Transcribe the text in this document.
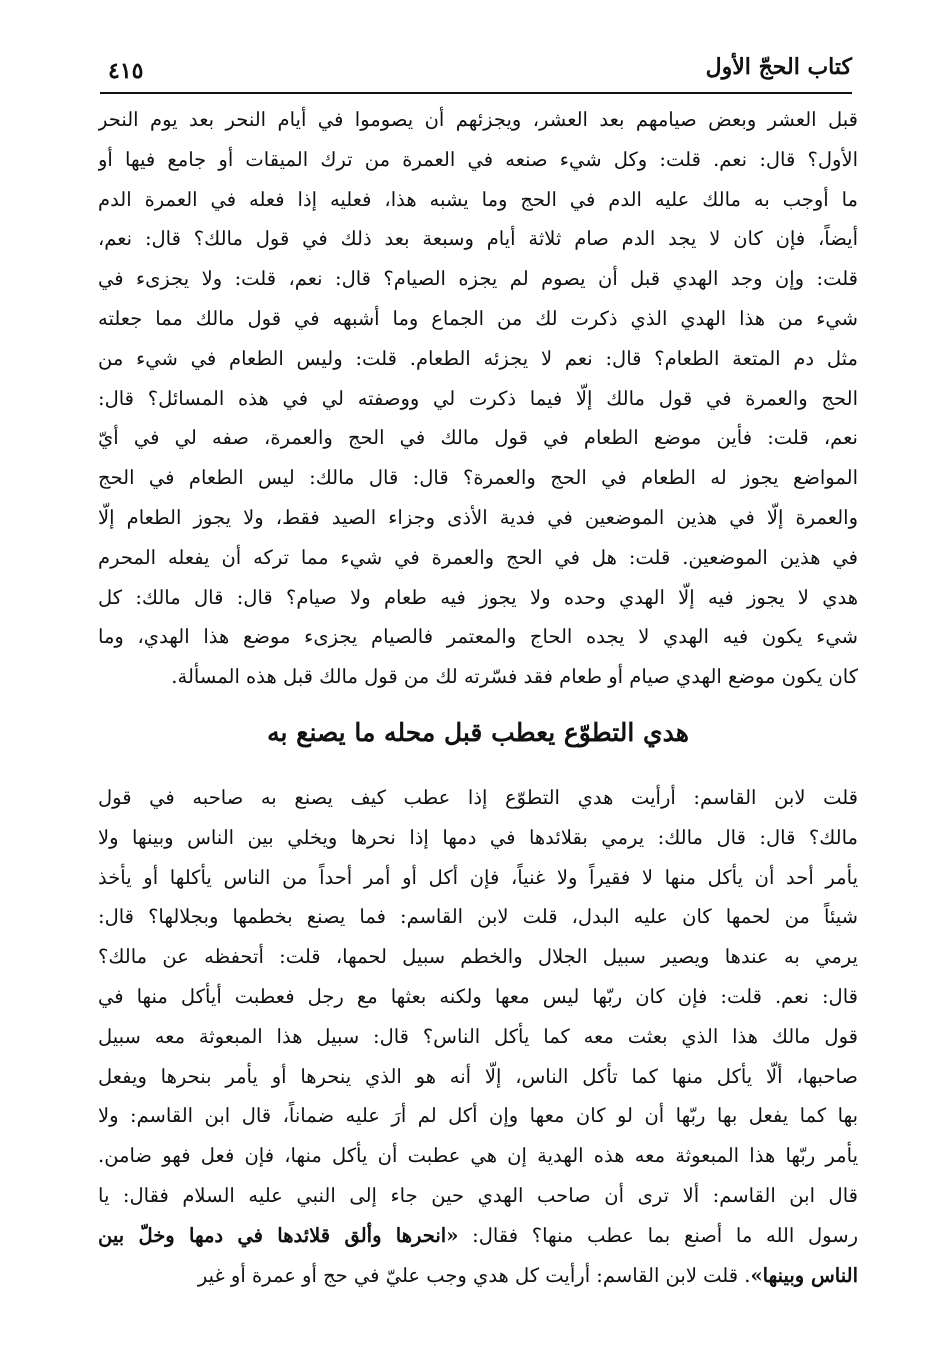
كتاب الحجّ الأول
٤١٥
قبل العشر وبعض صيامهم بعد العشر، ويجزئهم أن يصوموا في أيام النحر بعد يوم النحر
الأول؟ قال: نعم. قلت: وكل شيء صنعه في العمرة من ترك الميقات أو جامع فيها أو
ما أوجب به مالك عليه الدم في الحج وما يشبه هذا، فعليه إذا فعله في العمرة الدم
أيضاً، فإن كان لا يجد الدم صام ثلاثة أيام وسبعة بعد ذلك في قول مالك؟ قال: نعم،
قلت: وإن وجد الهدي قبل أن يصوم لم يجزه الصيام؟ قال: نعم، قلت: ولا يجزىء في
شيء من هذا الهدي الذي ذكرت لك من الجماع وما أشبهه في قول مالك مما جعلته
مثل دم المتعة الطعام؟ قال: نعم لا يجزئه الطعام. قلت: وليس الطعام في شيء من
الحج والعمرة في قول مالك إلّا فيما ذكرت لي ووصفته لي في هذه المسائل؟ قال:
نعم، قلت: فأين موضع الطعام في قول مالك في الحج والعمرة، صفه لي في أيّ
المواضع يجوز له الطعام في الحج والعمرة؟ قال: قال مالك: ليس الطعام في الحج
والعمرة إلّا في هذين الموضعين في فدية الأذى وجزاء الصيد فقط، ولا يجوز الطعام إلّا
في هذين الموضعين. قلت: هل في الحج والعمرة في شيء مما تركه أن يفعله المحرم
هدي لا يجوز فيه إلّا الهدي وحده ولا يجوز فيه طعام ولا صيام؟ قال: قال مالك: كل
شيء يكون فيه الهدي لا يجده الحاج والمعتمر فالصيام يجزىء موضع هذا الهدي، وما
كان يكون موضع الهدي صيام أو طعام فقد فسّرته لك من قول مالك قبل هذه المسألة.
هدي التطوّع يعطب قبل محله ما يصنع به
قلت لابن القاسم: أرأيت هدي التطوّع إذا عطب كيف يصنع به صاحبه في قول
مالك؟ قال: قال مالك: يرمي بقلائدها في دمها إذا نحرها ويخلي بين الناس وبينها ولا
يأمر أحد أن يأكل منها لا فقيراً ولا غنياً، فإن أكل أو أمر أحداً من الناس يأكلها أو يأخذ
شيئاً من لحمها كان عليه البدل، قلت لابن القاسم: فما يصنع بخطمها وبجلالها؟ قال:
يرمي به عندها ويصير سبيل الجلال والخطم سبيل لحمها، قلت: أتحفظه عن مالك؟
قال: نعم. قلت: فإن كان ربّها ليس معها ولكنه بعثها مع رجل فعطبت أيأكل منها في
قول مالك هذا الذي بعثت معه كما يأكل الناس؟ قال: سبيل هذا المبعوثة معه سبيل
صاحبها، ألّا يأكل منها كما تأكل الناس، إلّا أنه هو الذي ينحرها أو يأمر بنحرها ويفعل
بها كما يفعل بها ربّها أن لو كان معها وإن أكل لم أرَ عليه ضماناً، قال ابن القاسم: ولا
يأمر ربّها هذا المبعوثة معه هذه الهدية إن هي عطبت أن يأكل منها، فإن فعل فهو ضامن.
قال ابن القاسم: ألا ترى أن صاحب الهدي حين جاء إلى النبي عليه السلام فقال: يا
رسول الله ما أصنع بما عطب منها؟ فقال: «انحرها وألق قلائدها في دمها وخلّ بين
الناس وبينها». قلت لابن القاسم: أرأيت كل هدي وجب عليّ في حج أو عمرة أو غير
